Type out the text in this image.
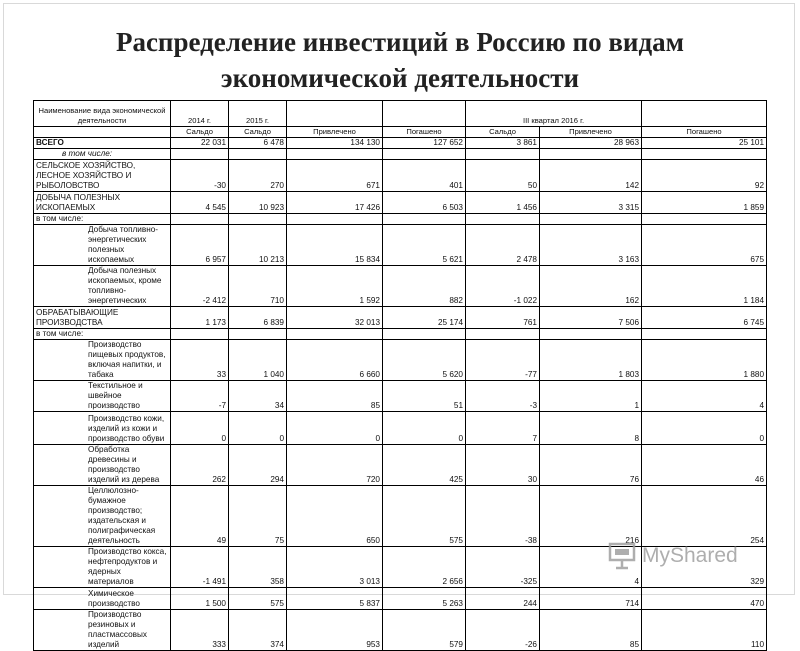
Распределение инвестиций в Россию по видам
экономической деятельности
Наименование вида экономической деятельности	2014 г.	2015 г.			III квартал 2016 г.		
	Сальдо	Сальдо	Привлечено	Погашено	Сальдо	Привлечено	Погашено
ВСЕГО	22 031	6 478	134 130	127 652	3 861	28 963	25 101
в том числе:							
СЕЛЬСКОЕ ХОЗЯЙСТВО, ЛЕСНОЕ ХОЗЯЙСТВО И РЫБОЛОВСТВО	-30	270	671	401	50	142	92
ДОБЫЧА ПОЛЕЗНЫХ ИСКОПАЕМЫХ	4 545	10 923	17 426	6 503	1 456	3 315	1 859
в том числе:							
Добыча топливно-энергетических полезных ископаемых	6 957	10 213	15 834	5 621	2 478	3 163	675
Добыча полезных ископаемых, кроме топливно-энергетических	-2 412	710	1 592	882	-1 022	162	1 184
ОБРАБАТЫВАЮЩИЕ ПРОИЗВОДСТВА	1 173	6 839	32 013	25 174	761	7 506	6 745
в том числе:							
Производство пищевых продуктов, включая напитки, и табака	33	1 040	6 660	5 620	-77	1 803	1 880
Текстильное и швейное производство	-7	34	85	51	-3	1	4
Производство кожи, изделий из кожи и производство обуви	0	0	0	0	7	8	0
Обработка древесины и производство изделий из дерева	262	294	720	425	30	76	46
Целлюлозно-бумажное производство; издательская и полиграфическая деятельность	49	75	650	575	-38	216	254
Производство кокса, нефтепродуктов и ядерных материалов	-1 491	358	3 013	2 656	-325	4	329
Химическое производство	1 500	575	5 837	5 263	244	714	470
Производство резиновых и пластмассовых изделий	333	374	953	579	-26	85	110
MyShared
